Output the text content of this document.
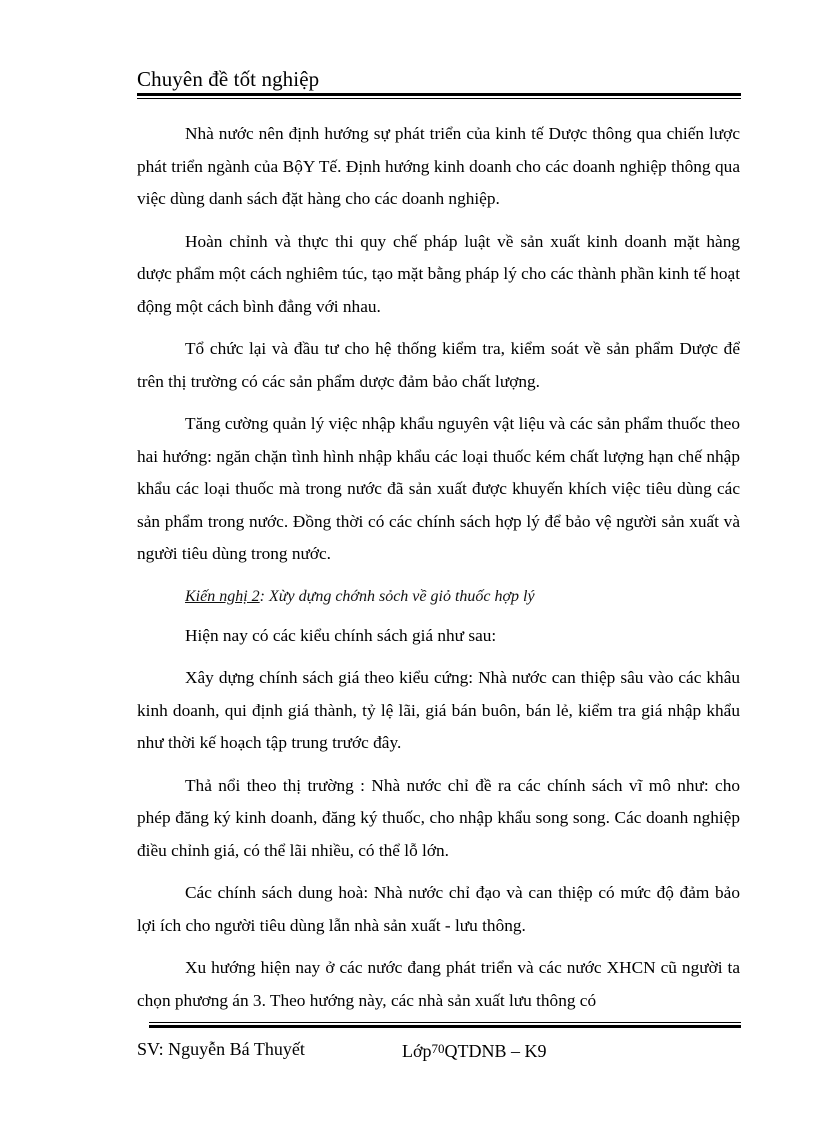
Chuyên đề tốt nghiệp

Nhà nước nên định hướng sự phát triển của kinh tế Dược thông qua chiến lược phát triển ngành của BộY Tế. Định hướng kinh doanh cho các doanh nghiệp thông qua việc dùng danh sách đặt hàng cho các doanh nghiệp.

Hoàn chỉnh và thực thi quy chế pháp luật về sản xuất kinh doanh mặt hàng dược phẩm một cách nghiêm túc, tạo mặt bằng pháp lý cho các thành phần kinh tế hoạt động một cách bình đẳng với nhau.

Tổ chức lại và đầu tư cho hệ thống kiểm tra, kiểm soát về sản phẩm Dược để trên thị trường có các sản phẩm dược đảm bảo chất lượng.

Tăng cường quản lý việc nhập khẩu nguyên vật liệu và các sản phẩm thuốc theo hai hướng: ngăn chặn tình hình nhập khẩu các loại thuốc kém chất lượng hạn chế nhập khẩu các loại thuốc mà trong nước đã sản xuất được khuyến khích việc tiêu dùng các sản phẩm trong nước. Đồng thời có các chính sách hợp lý để bảo vệ người sản xuất và người tiêu dùng trong nước.

Kiến nghị 2: Xừy dựng chớnh sỏch về giỏ thuốc hợp lý

Hiện nay có các kiểu chính sách giá như sau:

Xây dựng chính sách giá theo kiểu cứng: Nhà nước can thiệp sâu vào các khâu kinh doanh, qui định giá thành, tỷ lệ lãi, giá bán buôn, bán lẻ, kiểm tra giá nhập khẩu như thời kế hoạch tập trung trước đây.

Thả nổi theo thị trường : Nhà nước chỉ đề ra các chính sách vĩ mô như: cho phép đăng ký kinh doanh, đăng ký thuốc, cho nhập khẩu song song. Các doanh nghiệp điều chỉnh giá, có thể lãi nhiều, có thể lỗ lớn.

Các chính sách dung hoà: Nhà nước chỉ đạo và can thiệp có mức độ đảm bảo lợi ích cho người tiêu dùng lẫn nhà sản xuất - lưu thông.

Xu hướng hiện nay ở các nước đang phát triển và các nước XHCN cũ người ta chọn phương án 3. Theo hướng này, các nhà sản xuất lưu thông có

SV: Nguyễn Bá Thuyết	Lớp$^{70}$QTDNB – K9
